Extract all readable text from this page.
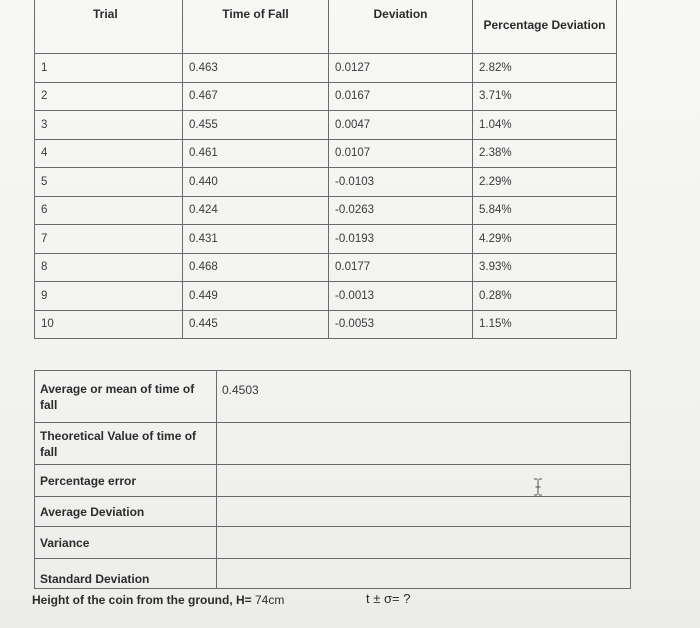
Trial	Time of Fall	Deviation	Percentage Deviation
1	0.463	0.0127	2.82%
2	0.467	0.0167	3.71%
3	0.455	0.0047	1.04%
4	0.461	0.0107	2.38%
5	0.440	-0.0103	2.29%
6	0.424	-0.0263	5.84%
7	0.431	-0.0193	4.29%
8	0.468	0.0177	3.93%
9	0.449	-0.0013	0.28%
10	0.445	-0.0053	1.15%
Average or mean of time of fall	0.4503
Theoretical Value of time of fall	
Percentage error	
Average Deviation	
Variance	
Standard Deviation	
Height of the coin from the ground, H= 74cm	t ± σ= ?
